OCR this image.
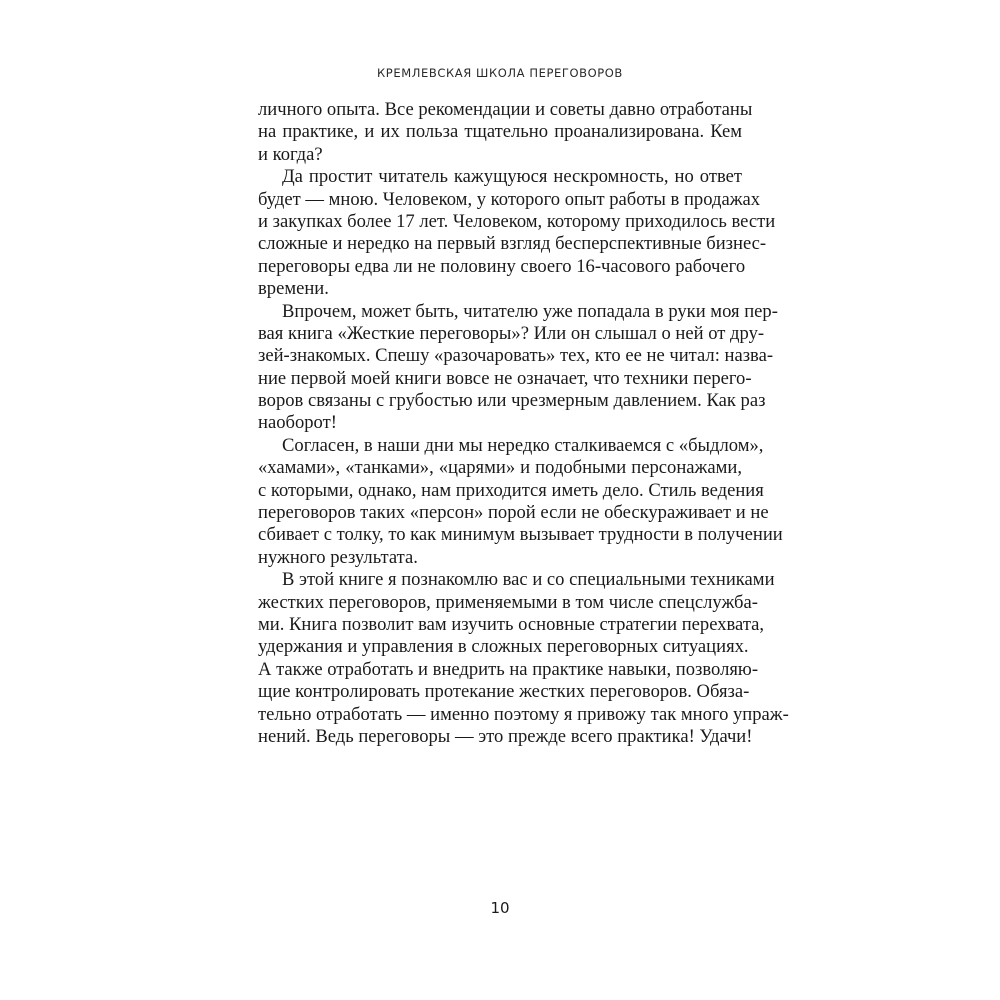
КРЕМЛЕВСКАЯ ШКОЛА ПЕРЕГОВОРОВ
личного опыта. Все рекомендации и советы давно отработаны
на практике, и их польза тщательно проанализирована. Кем
и когда?
Да простит читатель кажущуюся нескромность, но ответ
будет — мною. Человеком, у которого опыт работы в продажах
и закупках более 17 лет. Человеком, которому приходилось вести
сложные и нередко на первый взгляд бесперспективные бизнес-
переговоры едва ли не половину своего 16-часового рабочего
времени.
Впрочем, может быть, читателю уже попадала в руки моя пер-
вая книга «Жесткие переговоры»? Или он слышал о ней от дру-
зей-знакомых. Спешу «разочаровать» тех, кто ее не читал: назва-
ние первой моей книги вовсе не означает, что техники перего-
воров связаны с грубостью или чрезмерным давлением. Как раз
наоборот!
Согласен, в наши дни мы нередко сталкиваемся с «быдлом»,
«хамами», «танками», «царями» и подобными персонажами,
с которыми, однако, нам приходится иметь дело. Стиль ведения
переговоров таких «персон» порой если не обескураживает и не
сбивает с толку, то как минимум вызывает трудности в получении
нужного результата.
В этой книге я познакомлю вас и со специальными техниками
жестких переговоров, применяемыми в том числе спецслужба-
ми. Книга позволит вам изучить основные стратегии перехвата,
удержания и управления в сложных переговорных ситуациях.
А также отработать и внедрить на практике навыки, позволяю-
щие контролировать протекание жестких переговоров. Обяза-
тельно отработать — именно поэтому я привожу так много упраж-
нений. Ведь переговоры — это прежде всего практика! Удачи!
10
